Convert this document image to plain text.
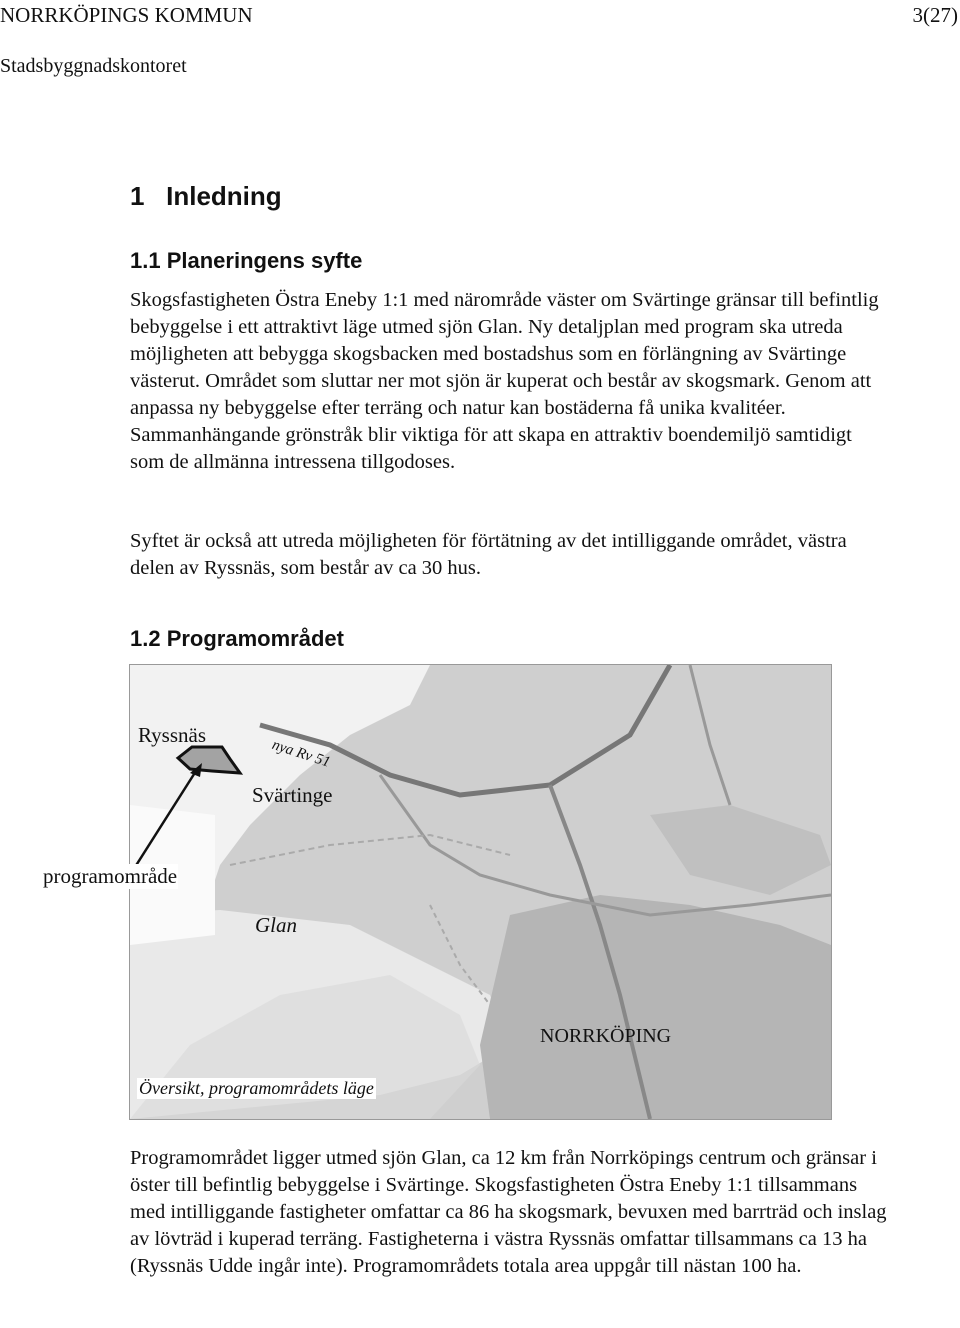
NORRKÖPINGS KOMMUN	3(27)
Stadsbyggnadskontoret
1   Inledning
1.1 Planeringens syfte

Skogsfastigheten Östra Eneby 1:1 med närområde väster om Svärtinge gränsar till befintlig bebyggelse i ett attraktivt läge utmed sjön Glan. Ny detaljplan med program ska utreda möjligheten att bebygga skogsbacken med bostadshus som en förlängning av Svärtinge västerut. Området som sluttar ner mot sjön är kuperat och består av skogsmark. Genom att anpassa ny bebyggelse efter terräng och natur kan bostäderna få unika kvalitéer. Sammanhängande grönstråk blir viktiga för att skapa en attraktiv boendemiljö samtidigt som de allmänna intressena tillgodoses.

Syftet är också att utreda möjligheten för förtätning av det intilliggande området, västra delen av Ryssnäs, som består av ca 30 hus.

1.2 Programområdet
Ryssnäs
nya Rv 51
Svärtinge
Glan
NORRKÖPING
Översikt, programområdets läge
programområde

Programområdet ligger utmed sjön Glan, ca 12 km från Norrköpings centrum och gränsar i öster till befintlig bebyggelse i Svärtinge. Skogsfastigheten Östra Eneby 1:1 tillsammans med intilliggande fastigheter omfattar ca 86 ha skogsmark, bevuxen med barrträd och inslag av lövträd i kuperad terräng. Fastigheterna i västra Ryssnäs omfattar tillsammans ca 13 ha (Ryssnäs Udde ingår inte). Programområdets totala area uppgår till nästan 100 ha.
